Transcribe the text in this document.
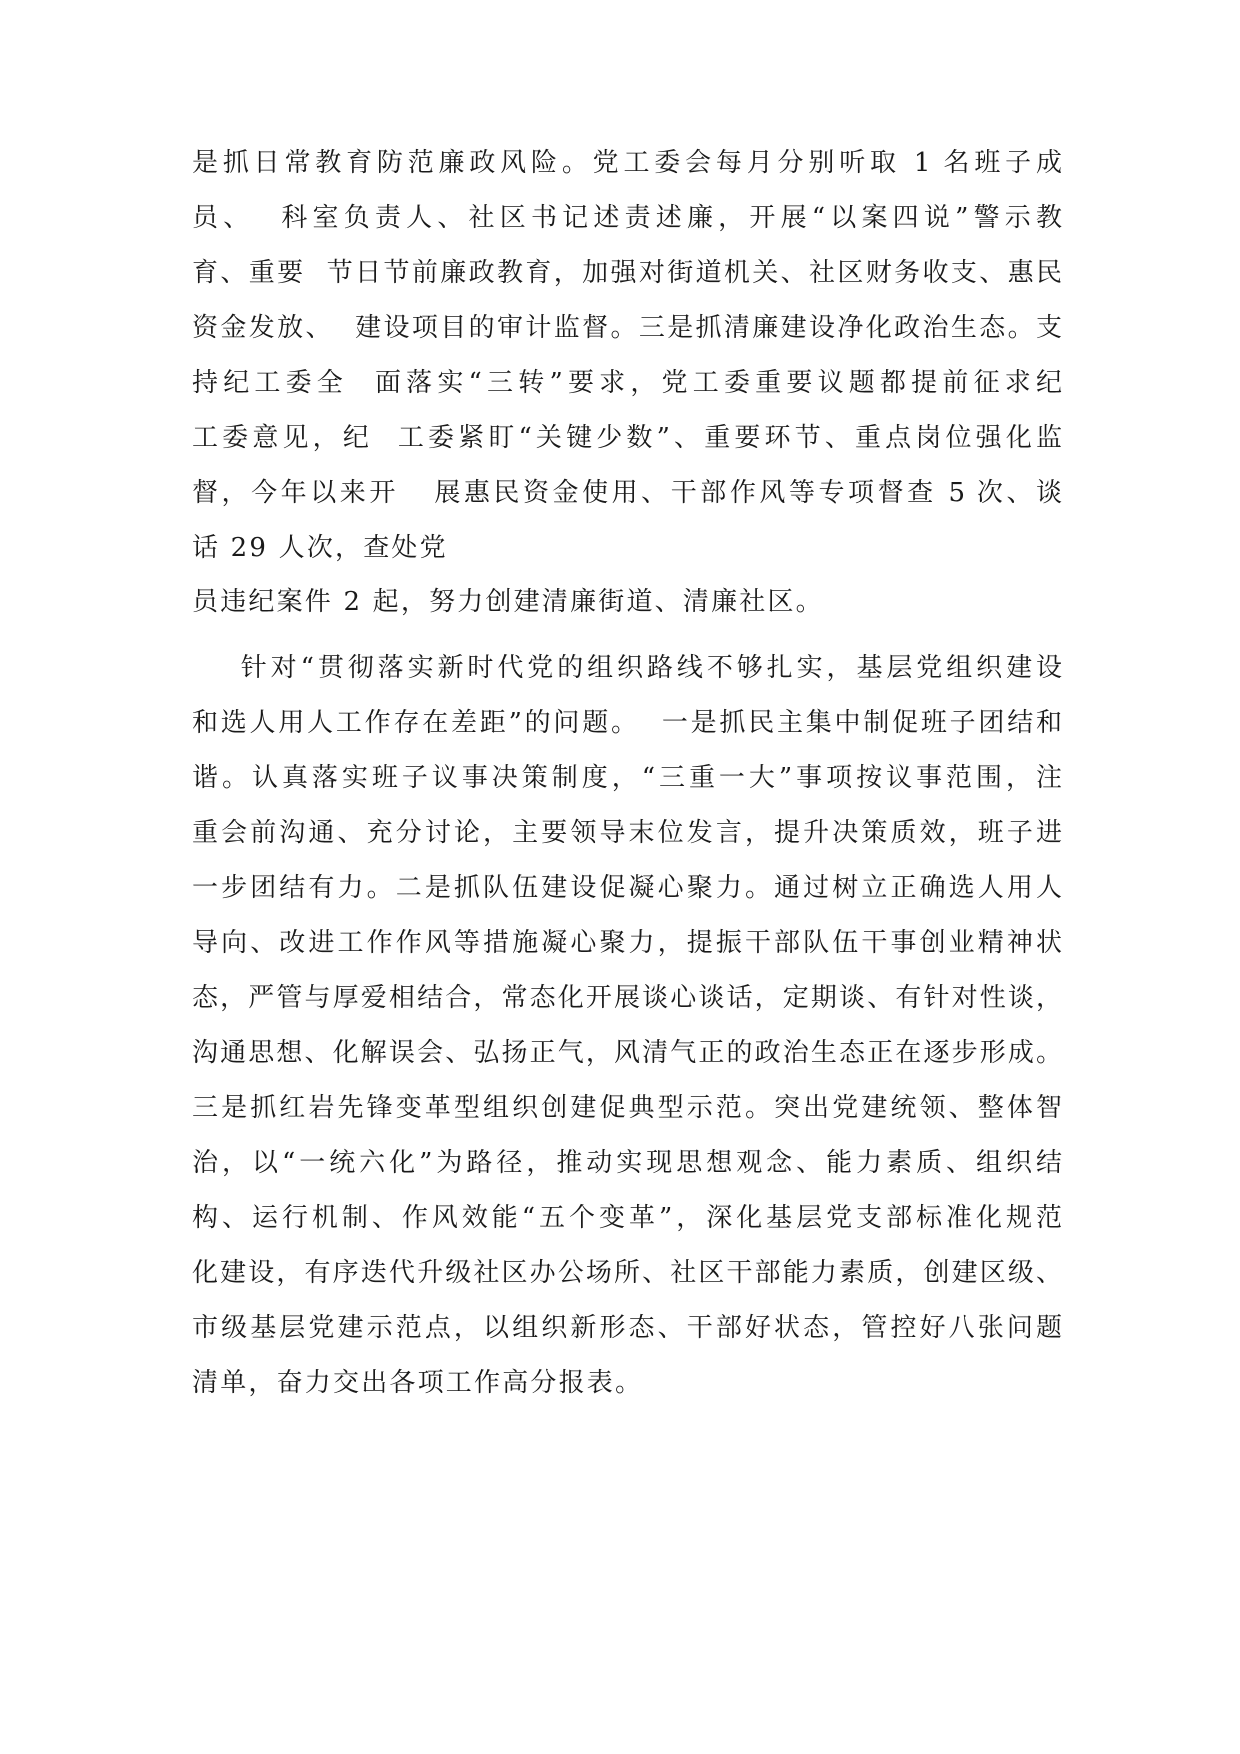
是抓日常教育防范廉政风险。党工委会每月分别听取 1 名班子成

员、  科室负责人、社区书记述责述廉，开展“以案四说”警示教

育、重要  节日节前廉政教育，加强对街道机关、社区财务收支、惠民

资金发放、  建设项目的审计监督。三是抓清廉建设净化政治生态。支

持纪工委全  面落实“三转”要求，党工委重要议题都提前征求纪

工委意见，纪  工委紧盯“关键少数”、重要环节、重点岗位强化监

督，今年以来开   展惠民资金使用、干部作风等专项督查 5 次、谈

话 29 人次，查处党

员违纪案件 2 起，努力创建清廉街道、清廉社区。

针对“贯彻落实新时代党的组织路线不够扎实，基层党组织建设

和选人用人工作存在差距”的问题。  一是抓民主集中制促班子团结和

谐。认真落实班子议事决策制度，“三重一大”事项按议事范围，注

重会前沟通、充分讨论，主要领导末位发言，提升决策质效，班子进

一步团结有力。二是抓队伍建设促凝心聚力。通过树立正确选人用人

导向、改进工作作风等措施凝心聚力，提振干部队伍干事创业精神状

态，严管与厚爱相结合，常态化开展谈心谈话，定期谈、有针对性谈，

沟通思想、化解误会、弘扬正气，风清气正的政治生态正在逐步形成。

三是抓红岩先锋变革型组织创建促典型示范。突出党建统领、整体智

治，以“一统六化”为路径，推动实现思想观念、能力素质、组织结

构、运行机制、作风效能“五个变革”，深化基层党支部标准化规范

化建设，有序迭代升级社区办公场所、社区干部能力素质，创建区级、

市级基层党建示范点，以组织新形态、干部好状态，管控好八张问题

清单，奋力交出各项工作高分报表。
